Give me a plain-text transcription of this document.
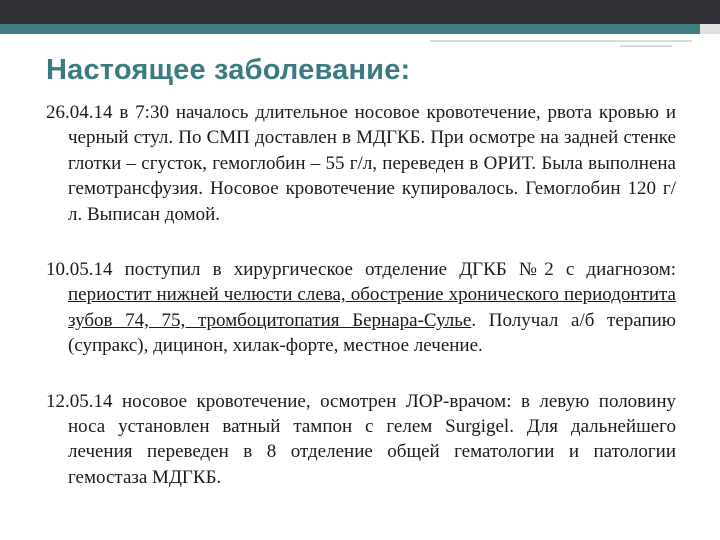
Настоящее заболевание:

26.04.14 в 7:30 началось длительное носовое кровотечение, рвота кровью и черный стул. По СМП доставлен в МДГКБ. При осмотре на задней стенке глотки – сгусток, гемоглобин – 55 г/л, переведен в ОРИТ. Была выполнена гемотрансфузия. Носовое кровотечение купировалось. Гемоглобин 120 г/л. Выписан домой.

10.05.14 поступил в хирургическое отделение ДГКБ №2 с диагнозом: периостит нижней челюсти слева, обострение хронического периодонтита зубов 74, 75, тромбоцитопатия Бернара-Сулье. Получал а/б терапию (супракс), дицинон, хилак-форте, местное лечение.

12.05.14 носовое кровотечение, осмотрен ЛОР-врачом: в левую половину носа установлен ватный тампон с гелем Surgigel. Для дальнейшего лечения переведен в 8 отделение общей гематологии и патологии гемостаза МДГКБ.
